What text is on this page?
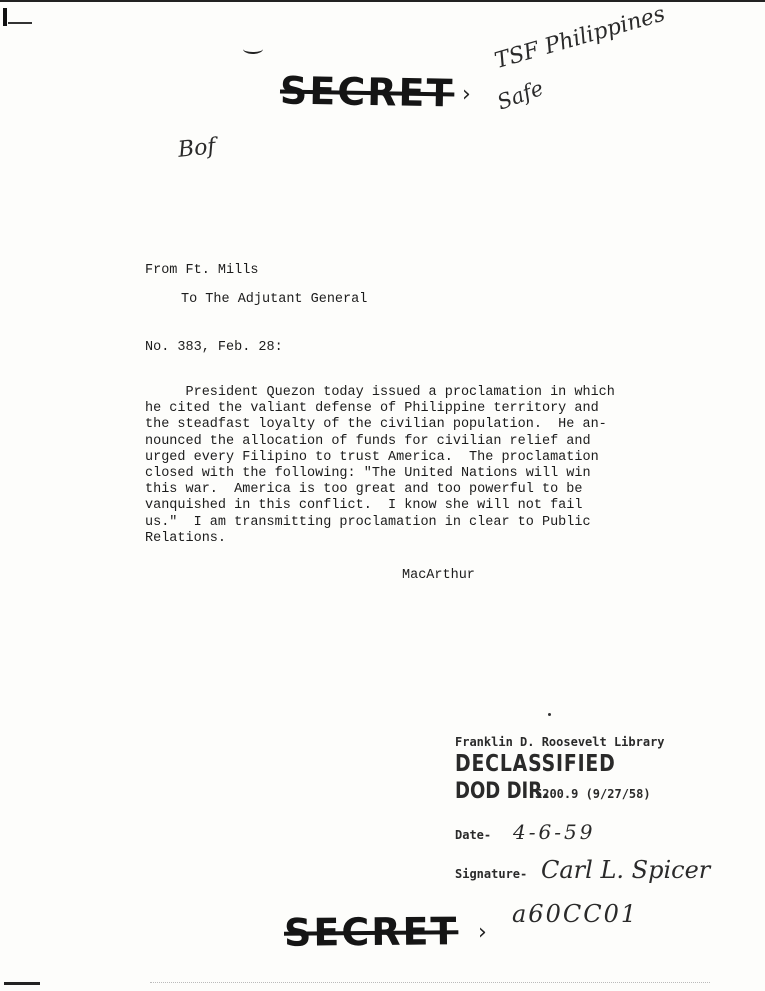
SECRET ›
TSF Philippines
Safe
Bof
From Ft. Mills
To The Adjutant General
No. 383, Feb. 28:
President Quezon today issued a proclamation in which
he cited the valiant defense of Philippine territory and
the steadfast loyalty of the civilian population.  He an-
nounced the allocation of funds for civilian relief and
urged every Filipino to trust America.  The proclamation
closed with the following: "The United Nations will win
this war.  America is too great and too powerful to be
vanquished in this conflict.  I know she will not fail
us."  I am transmitting proclamation in clear to Public
Relations.
MacArthur
Franklin D. Roosevelt Library
DECLASSIFIED
DOD DIR.
5200.9 (9/27/58)
Date-	4-6-59
Signature- Carl L. Spicer
SECRET ›
a60CC01
